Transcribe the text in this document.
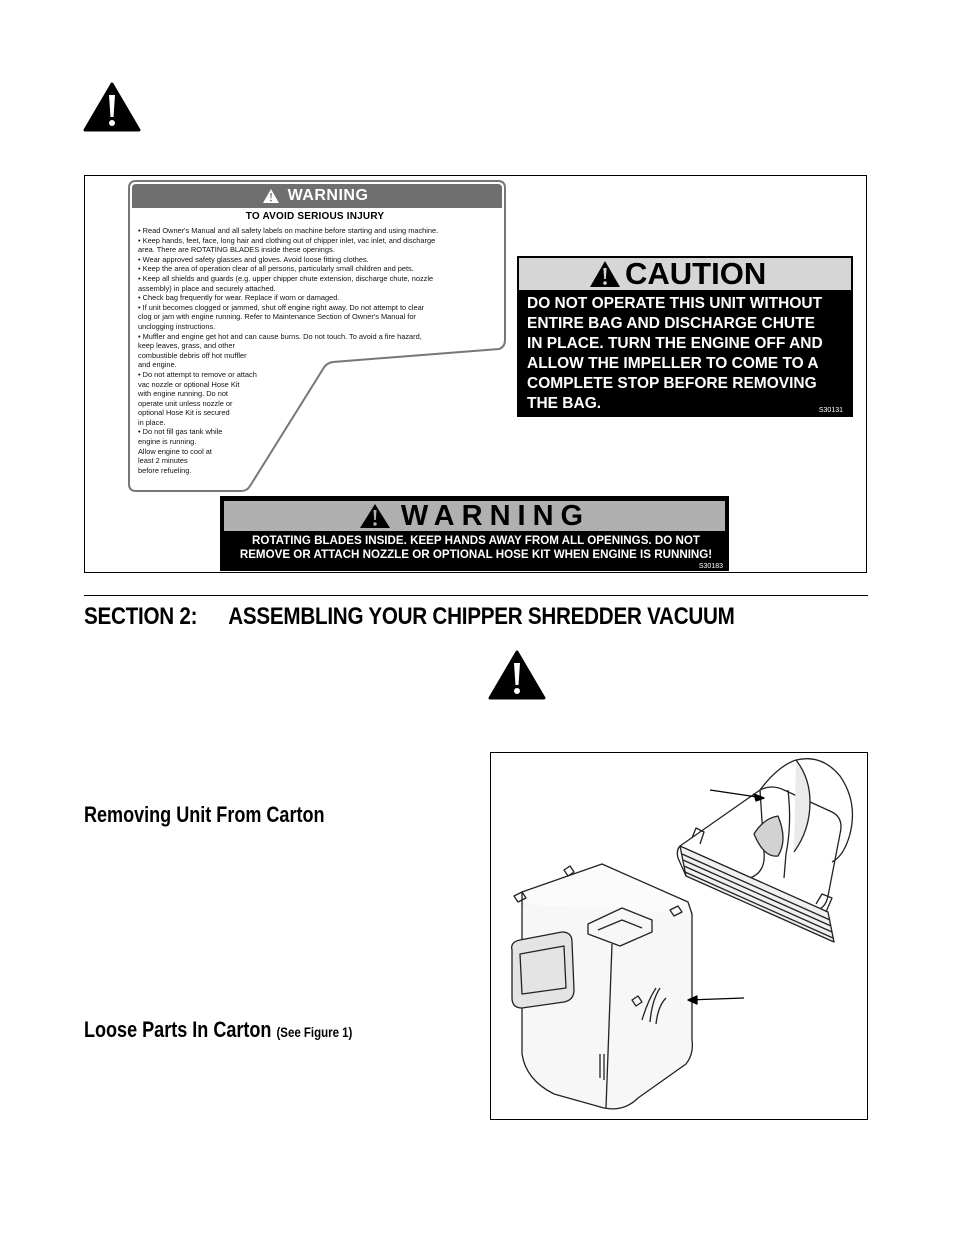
WARNING
TO AVOID SERIOUS INJURY
• Read Owner's Manual and all safety labels on machine before starting and using machine.
• Keep hands, feet, face, long hair and clothing out of chipper inlet, vac inlet, and discharge
area. There are ROTATING BLADES inside these openings.
• Wear approved safety glasses and gloves. Avoid loose fitting clothes.
• Keep the area of operation clear of all persons, particularly small children and pets.
• Keep all shields and guards (e.g. upper chipper chute extension, discharge chute, nozzle
assembly) in place and securely attached.
• Check bag frequently for wear. Replace if worn or damaged.
• If unit becomes clogged or jammed, shut off engine right away. Do not attempt to clear
clog or jam with engine running. Refer to Maintenance Section of Owner's Manual for
unclogging instructions.
• Muffler and engine get hot and can cause burns. Do not touch. To avoid a fire hazard,
keep leaves, grass, and other
combustible debris off hot muffler
and engine.
• Do not attempt to remove or attach
vac nozzle or optional Hose Kit
with engine running. Do not
operate unit unless nozzle or
optional Hose Kit is secured
in place.
• Do not fill gas tank while
engine is running.
Allow engine to cool at
least 2 minutes
before refueling.
CAUTION
DO NOT OPERATE THIS UNIT WITHOUT
ENTIRE BAG AND DISCHARGE CHUTE
IN PLACE. TURN THE ENGINE OFF AND
ALLOW THE IMPELLER TO COME TO A
COMPLETE STOP BEFORE REMOVING
THE BAG.	S30131
WARNING
ROTATING BLADES INSIDE. KEEP HANDS AWAY FROM ALL OPENINGS. DO NOT
REMOVE OR ATTACH NOZZLE OR OPTIONAL HOSE KIT WHEN ENGINE IS RUNNING!
S30183
SECTION 2: ASSEMBLING YOUR CHIPPER SHREDDER VACUUM
Removing Unit From Carton
Loose Parts In Carton (See Figure 1)
